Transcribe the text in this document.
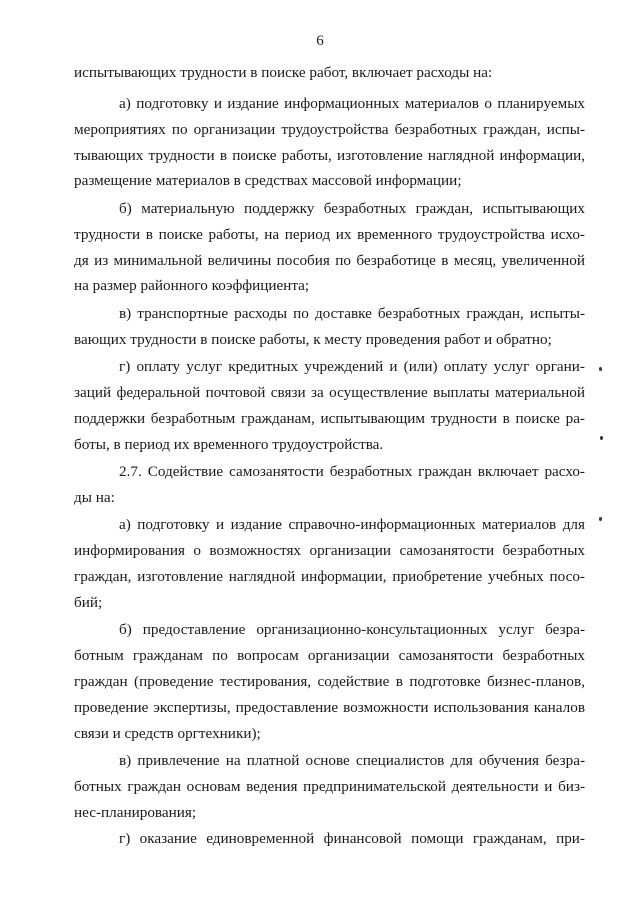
6
испытывающих трудности в поиске работ, включает расходы на:
а) подготовку и издание информационных материалов о планируемых
мероприятиях по организации трудоустройства безработных граждан, испы-
тывающих трудности в поиске работы, изготовление наглядной информации,
размещение материалов в средствах массовой информации;
б) материальную поддержку безработных граждан, испытывающих
трудности в поиске работы, на период их временного трудоустройства исхо-
дя из минимальной величины пособия по безработице в месяц, увеличенной
на размер районного коэффициента;
в) транспортные расходы по доставке безработных граждан, испыты-
вающих трудности в поиске работы, к месту проведения работ и обратно;
г) оплату услуг кредитных учреждений и (или) оплату услуг органи-
заций федеральной почтовой связи за осуществление выплаты материальной
поддержки безработным гражданам, испытывающим трудности в поиске ра-
боты, в период их временного трудоустройства.
2.7. Содействие самозанятости безработных граждан включает расхо-
ды на:
а) подготовку и издание справочно-информационных материалов для
информирования о возможностях организации самозанятости безработных
граждан, изготовление наглядной информации, приобретение учебных посо-
бий;
б) предоставление организационно-консультационных услуг безра-
ботным гражданам по вопросам организации самозанятости безработных
граждан (проведение тестирования, содействие в подготовке бизнес-планов,
проведение экспертизы, предоставление возможности использования каналов
связи и средств оргтехники);
в) привлечение на платной основе специалистов для обучения безра-
ботных граждан основам ведения предпринимательской деятельности и биз-
нес-планирования;
г) оказание единовременной финансовой помощи гражданам, при-
